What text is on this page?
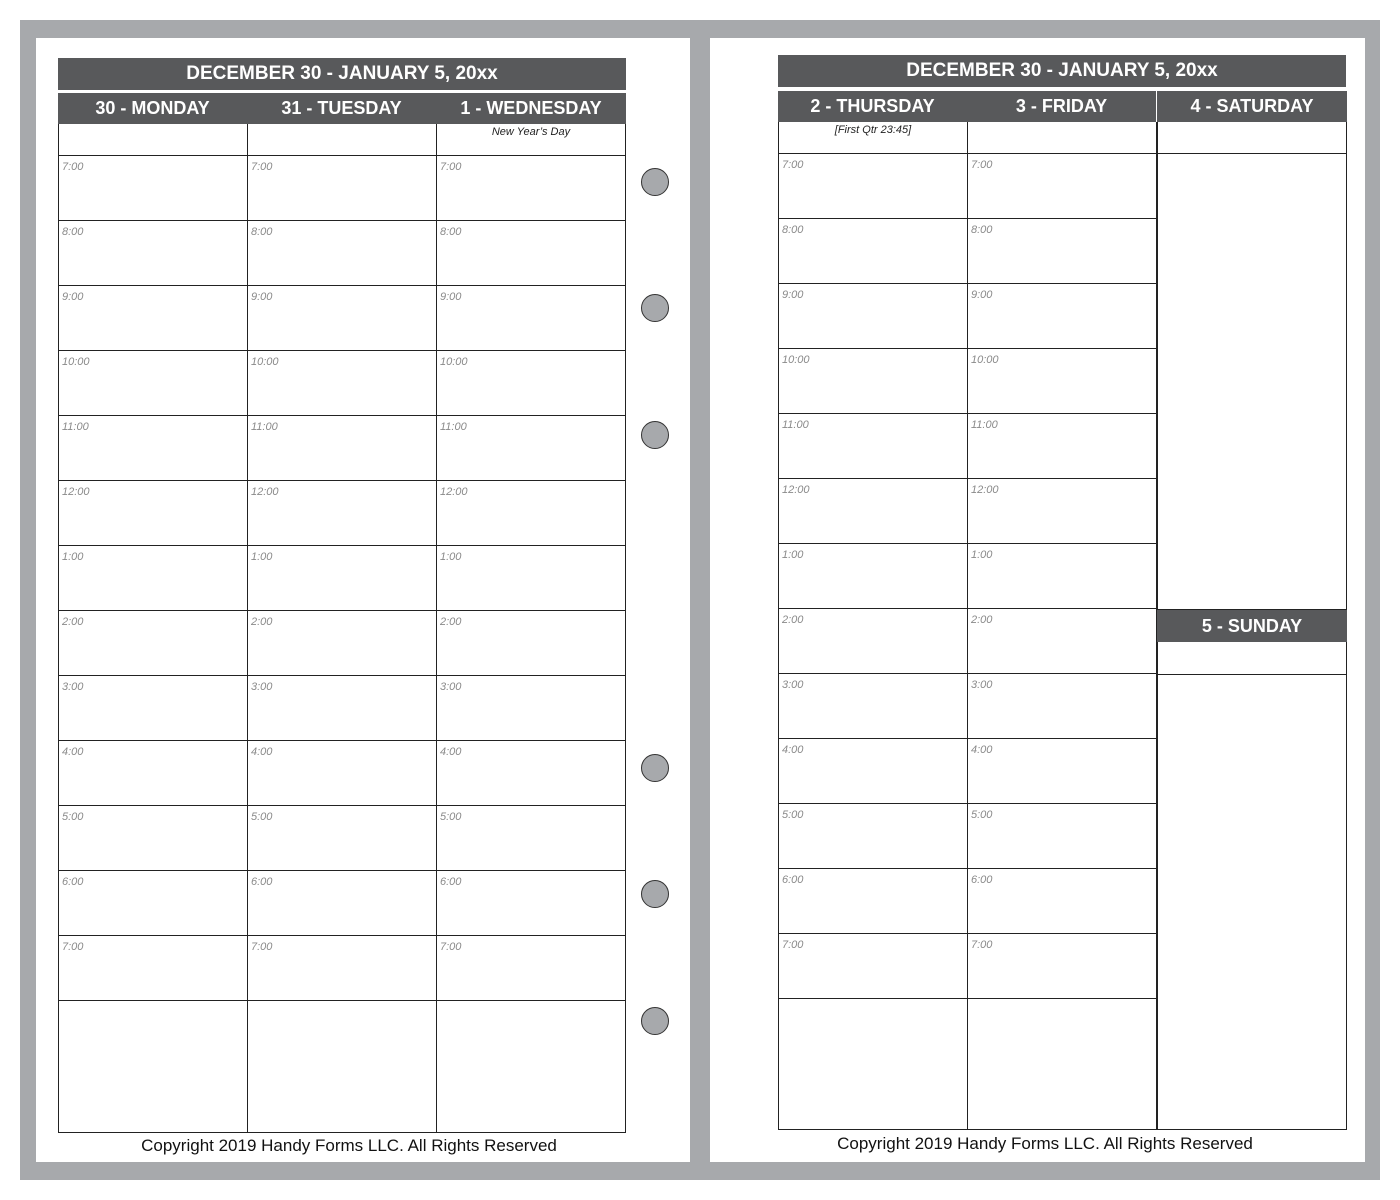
DECEMBER 30 - JANUARY 5, 20xx
30 - MONDAY
7:00
8:00
9:00
10:00
11:00
12:00
1:00
2:00
3:00
4:00
5:00
6:00
7:00
31 - TUESDAY
7:00
8:00
9:00
10:00
11:00
12:00
1:00
2:00
3:00
4:00
5:00
6:00
7:00
1 - WEDNESDAY
New Year’s Day
7:00
8:00
9:00
10:00
11:00
12:00
1:00
2:00
3:00
4:00
5:00
6:00
7:00
Copyright 2019 Handy Forms LLC. All Rights Reserved
DECEMBER 30 - JANUARY 5, 20xx
2 - THURSDAY
[First Qtr 23:45]
3 - FRIDAY	4 - SATURDAY
7:00
8:00
9:00
10:00
11:00
12:00
1:00
2:00
3:00
4:00
5:00
6:00
7:00
7:00
8:00
9:00
10:00
11:00
12:00
1:00
2:00
3:00
4:00
5:00
6:00
7:00
5 - SUNDAY
Copyright 2019 Handy Forms LLC. All Rights Reserved
